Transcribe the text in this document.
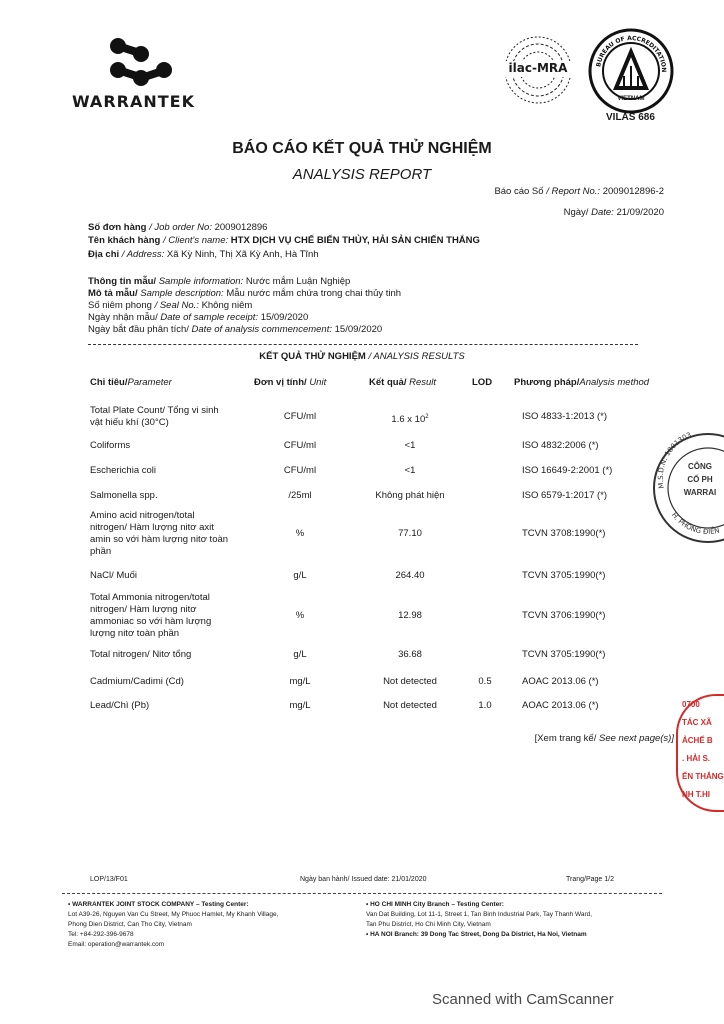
WARRANTEK
ilac-MRA	BUREAU OF ACCREDITATION
VIETNAM
VILAS 686
BÁO CÁO KẾT QUẢ THỬ NGHIỆM
ANALYSIS REPORT
Báo cáo Số / Report No.: 2009012896-2
Ngày/ Date: 21/09/2020
Số đơn hàng / Job order No: 2009012896
Tên khách hàng / Client's name: HTX DỊCH VỤ CHẾ BIẾN THỦY, HẢI SẢN CHIẾN THẮNG
Địa chỉ / Address: Xã Kỳ Ninh, Thị Xã Kỳ Anh, Hà Tĩnh
Thông tin mẫu/ Sample information: Nước mắm Luận Nghiệp
Mô tả mẫu/ Sample description: Mẫu nước mắm chứa trong chai thủy tinh
Số niêm phong / Seal No.: Không niêm
Ngày nhận mẫu/ Date of sample receipt: 15/09/2020
Ngày bắt đầu phân tích/ Date of analysis commencement: 15/09/2020
KẾT QUẢ THỬ NGHIỆM / ANALYSIS RESULTS
Chỉ tiêu/Parameter	Đơn vị tính/ Unit	Kết quả/ Result	LOD Phương pháp/Analysis method
Total Plate Count/ Tổng vi sinh
vật hiếu khí (30°C)
CFU/ml	1.6 x $10^2$	ISO 4833-1:2013 (*)
Coliforms	CFU/ml	<1	ISO 4832:2006 (*)
Escherichia coli	CFU/ml	<1	ISO 16649-2:2001 (*)
Salmonella spp.	/25ml	Không phát hiện	ISO 6579-1:2017 (*)
Amino acid nitrogen/total
nitrogen/ Hàm lượng nitơ axit
amin so với hàm lượng nitơ toàn
phần
%	77.10	TCVN 3708:1990(*)
NaCl/ Muối	g/L	264.40	TCVN 3705:1990(*)
Total Ammonia nitrogen/total
nitrogen/ Hàm lượng nitơ
ammoniac so với hàm lượng
lượng nitơ toàn phần
%	12.98	TCVN 3706:1990(*)
Total nitrogen/ Nitơ tổng	g/L	36.68	TCVN 3705:1990(*)
Cadmium/Cadimi (Cd)	mg/L	Not detected	0.5	AOAC 2013.06 (*)
Lead/Chì (Pb)	mg/L	Not detected	1.0	AOAC 2013.06 (*)
[Xem trang kế/ See next page(s)]
M.S.D.N: 1801303
H. PHONG ĐIỀN
CÔNG
CỔ PH
WARRAI
0700
TÁC XÃ
ẢCHẾ B
. HẢI S.
ẾN THẮNG
NH T.HI
LOP/13/F01	Ngày ban hành/ Issued date: 21/01/2020	Trang/Page 1/2
• WARRANTEK JOINT STOCK COMPANY – Testing Center:
Lot A39-26, Nguyen Van Cu Street, My Phuoc Hamlet, My Khanh Village,
Phong Dien District, Can Tho City, Vietnam
Tel: +84-292-396-9678
Email: operation@warrantek.com
• HO CHI MINH City Branch – Testing Center:
Van Dat Building, Lot 11-1, Street 1, Tan Binh Industrial Park, Tay Thanh Ward,
Tan Phu District, Ho Chi Minh City, Vietnam
• HA NOI Branch: 39 Dong Tac Street, Dong Da District, Ha Noi, Vietnam
Scanned with CamScanner
